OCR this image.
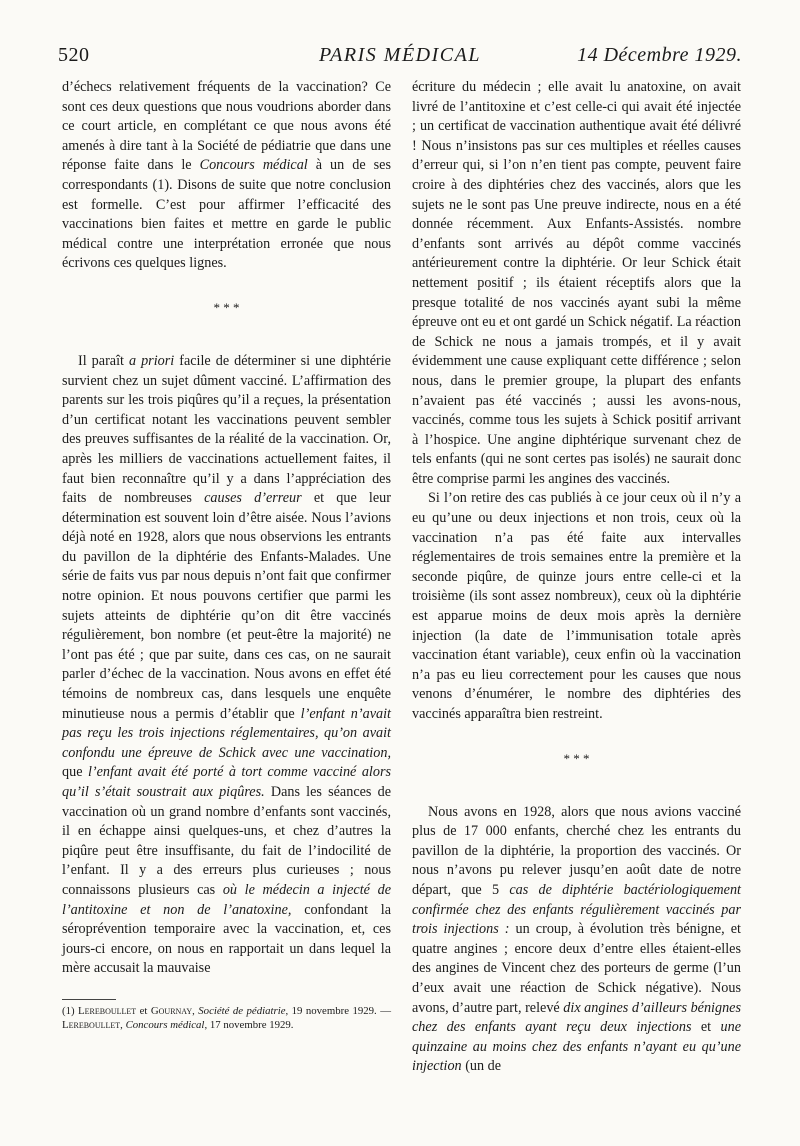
520	PARIS MÉDICAL	14 Décembre 1929.

d’échecs relativement fréquents de la vaccination? Ce sont ces deux questions que nous voudrions aborder dans ce court article, en complétant ce que nous avons été amenés à dire tant à la Société de pédiatrie que dans une réponse faite dans le Concours médical à un de ses correspondants (1). Disons de suite que notre conclusion est formelle. C’est pour affirmer l’efficacité des vaccinations bien faites et mettre en garde le public médical contre une interprétation erronée que nous écrivons ces quelques lignes.

* * *

Il paraît a priori facile de déterminer si une diphtérie survient chez un sujet dûment vacciné. L’affirmation des parents sur les trois piqûres qu’il a reçues, la présentation d’un certificat notant les vaccinations peuvent sembler des preuves suffisantes de la réalité de la vaccination. Or, après les milliers de vaccinations actuellement faites, il faut bien reconnaître qu’il y a dans l’appréciation des faits de nombreuses causes d’erreur et que leur détermination est souvent loin d’être aisée. Nous l’avions déjà noté en 1928, alors que nous observions les entrants du pavillon de la diphtérie des Enfants-Malades. Une série de faits vus par nous depuis n’ont fait que confirmer notre opinion. Et nous pouvons certifier que parmi les sujets atteints de diphtérie qu’on dit être vaccinés régulièrement, bon nombre (et peut-être la majorité) ne l’ont pas été ; que par suite, dans ces cas, on ne saurait parler d’échec de la vaccination. Nous avons en effet été témoins de nombreux cas, dans lesquels une enquête minutieuse nous a permis d’établir que l’enfant n’avait pas reçu les trois injections réglementaires, qu’on avait confondu une épreuve de Schick avec une vaccination, que l’enfant avait été porté à tort comme vacciné alors qu’il s’était soustrait aux piqûres. Dans les séances de vaccination où un grand nombre d’enfants sont vaccinés, il en échappe ainsi quelques-uns, et chez d’autres la piqûre peut être insuffisante, du fait de l’indocilité de l’enfant. Il y a des erreurs plus curieuses ; nous connaissons plusieurs cas où le médecin a injecté de l’antitoxine et non de l’anatoxine, confondant la séroprévention temporaire avec la vaccination, et, ces jours-ci encore, on nous en rapportait un dans lequel la mère accusait la mauvaise

(1) Lereboullet et Gournay, Société de pédiatrie, 19 novembre 1929. — Lereboullet, Concours médical, 17 novembre 1929.

écriture du médecin ; elle avait lu anatoxine, on avait livré de l’antitoxine et c’est celle-ci qui avait été injectée ; un certificat de vaccination authentique avait été délivré ! Nous n’insistons pas sur ces multiples et réelles causes d’erreur qui, si l’on n’en tient pas compte, peuvent faire croire à des diphtéries chez des vaccinés, alors que les sujets ne le sont pas Une preuve indirecte, nous en a été donnée récemment. Aux Enfants-Assistés. nombre d’enfants sont arrivés au dépôt comme vaccinés antérieurement contre la diphtérie. Or leur Schick était nettement positif ; ils étaient réceptifs alors que la presque totalité de nos vaccinés ayant subi la même épreuve ont eu et ont gardé un Schick négatif. La réaction de Schick ne nous a jamais trompés, et il y avait évidemment une cause expliquant cette différence ; selon nous, dans le premier groupe, la plupart des enfants n’avaient pas été vaccinés ; aussi les avons-nous, vaccinés, comme tous les sujets à Schick positif arrivant à l’hospice. Une angine diphtérique survenant chez de tels enfants (qui ne sont certes pas isolés) ne saurait donc être comprise parmi les angines des vaccinés.

Si l’on retire des cas publiés à ce jour ceux où il n’y a eu qu’une ou deux injections et non trois, ceux où la vaccination n’a pas été faite aux intervalles réglementaires de trois semaines entre la première et la seconde piqûre, de quinze jours entre celle-ci et la troisième (ils sont assez nombreux), ceux où la diphtérie est apparue moins de deux mois après la dernière injection (la date de l’immunisation totale après vaccination étant variable), ceux enfin où la vaccination n’a pas eu lieu correctement pour les causes que nous venons d’énumérer, le nombre des diphtéries des vaccinés apparaîtra bien restreint.

* * *

Nous avons en 1928, alors que nous avions vacciné plus de 17 000 enfants, cherché chez les entrants du pavillon de la diphtérie, la proportion des vaccinés. Or nous n’avons pu relever jusqu’en août date de notre départ, que 5 cas de diphtérie bactériologiquement confirmée chez des enfants régulièrement vaccinés par trois injections : un croup, à évolution très bénigne, et quatre angines ; encore deux d’entre elles étaient-elles des angines de Vincent chez des porteurs de germe (l’un d’eux avait une réaction de Schick négative). Nous avons, d’autre part, relevé dix angines d’ailleurs bénignes chez des enfants ayant reçu deux injections et une quinzaine au moins chez des enfants n’ayant eu qu’une injection (un de
